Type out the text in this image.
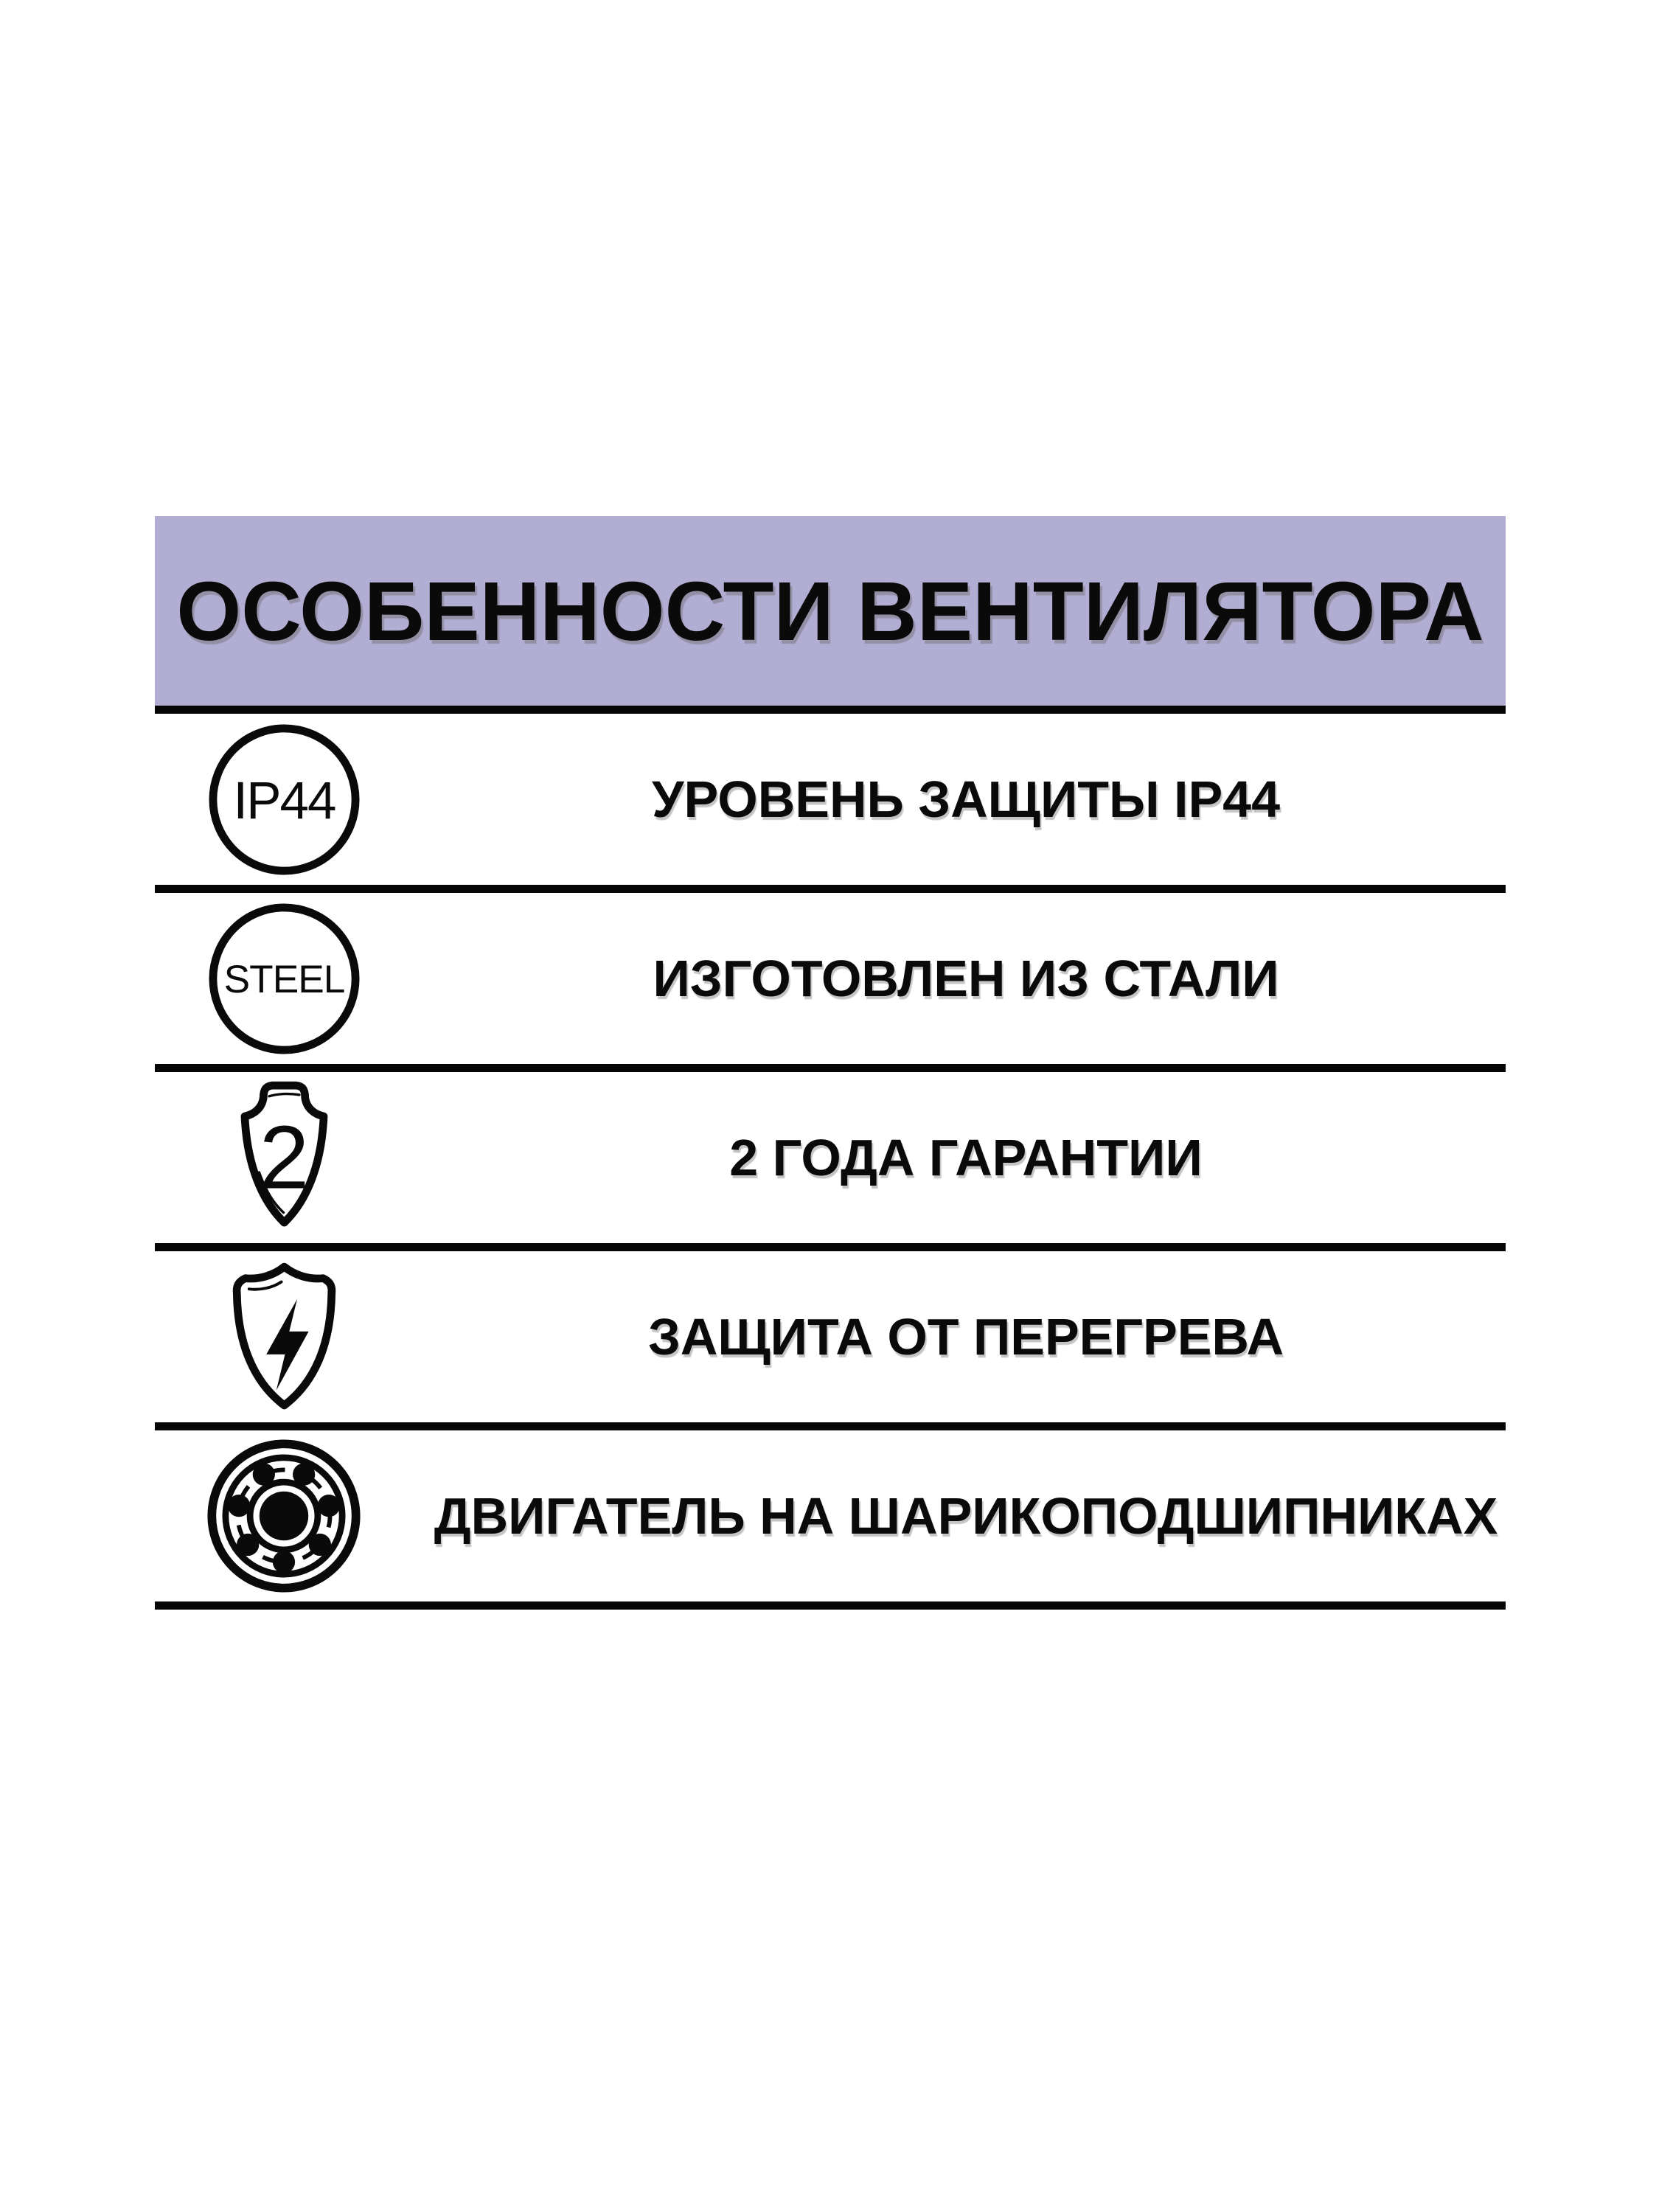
ОСОБЕННОСТИ ВЕНТИЛЯТОРА
IP44	УРОВЕНЬ ЗАЩИТЫ IP44
STEEL	ИЗГОТОВЛЕН ИЗ СТАЛИ
2	2 ГОДА ГАРАНТИИ
ЗАЩИТА ОТ ПЕРЕГРЕВА
ДВИГАТЕЛЬ НА ШАРИКОПОДШИПНИКАХ
